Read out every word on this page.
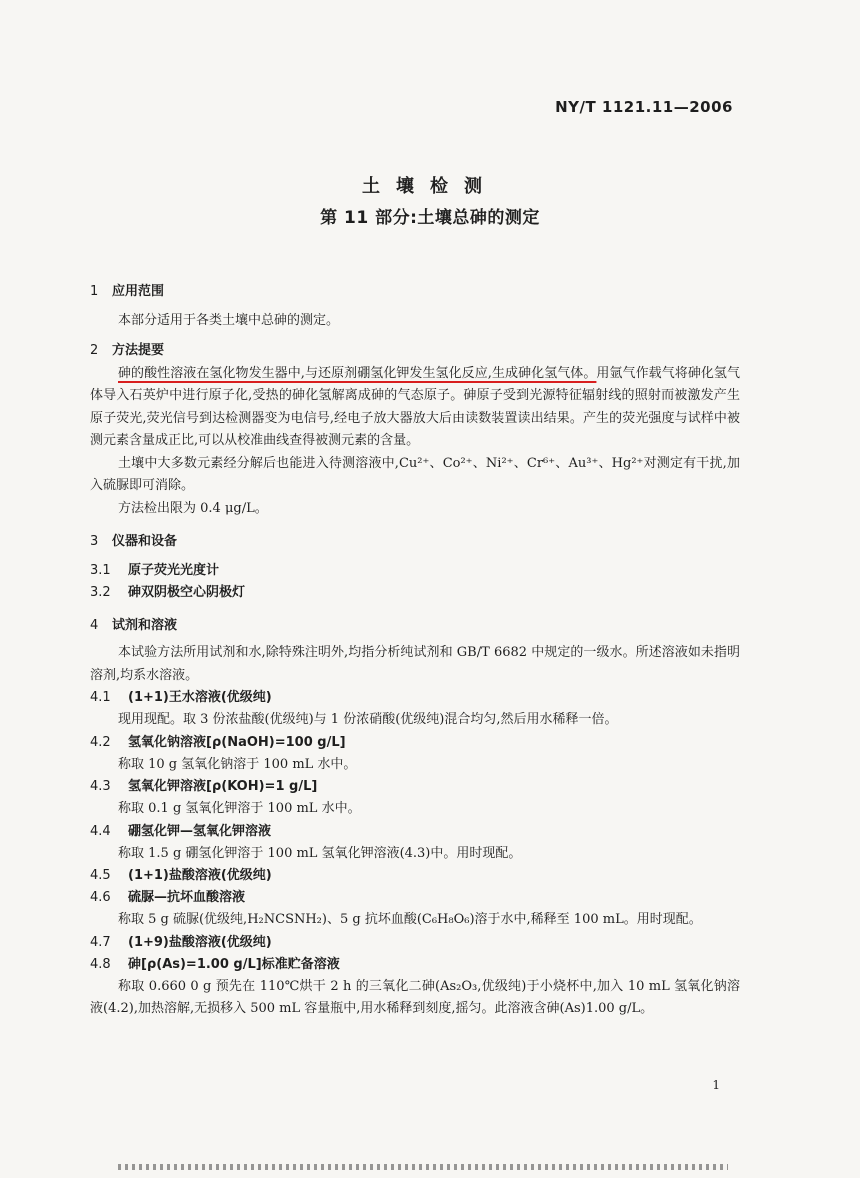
NY/T 1121.11—2006
土壤检测
第 11 部分:土壤总砷的测定
1 应用范围

本部分适用于各类土壤中总砷的测定。

2 方法提要

砷的酸性溶液在氢化物发生器中,与还原剂硼氢化钾发生氢化反应,生成砷化氢气体。用氩气作载气将砷化氢气体导入石英炉中进行原子化,受热的砷化氢解离成砷的气态原子。砷原子受到光源特征辐射线的照射而被激发产生原子荧光,荧光信号到达检测器变为电信号,经电子放大器放大后由读数装置读出结果。产生的荧光强度与试样中被测元素含量成正比,可以从校准曲线查得被测元素的含量。

土壤中大多数元素经分解后也能进入待测溶液中,Cu²⁺、Co²⁺、Ni²⁺、Cr⁶⁺、Au³⁺、Hg²⁺对测定有干扰,加入硫脲即可消除。

方法检出限为 0.4 μg/L。

3 仪器和设备
3.1 原子荧光光度计
3.2 砷双阴极空心阴极灯
4 试剂和溶液

本试验方法所用试剂和水,除特殊注明外,均指分析纯试剂和 GB/T 6682 中规定的一级水。所述溶液如未指明溶剂,均系水溶液。

4.1 (1+1)王水溶液(优级纯)

现用现配。取 3 份浓盐酸(优级纯)与 1 份浓硝酸(优级纯)混合均匀,然后用水稀释一倍。

4.2 氢氧化钠溶液[ρ(NaOH)=100 g/L]

称取 10 g 氢氧化钠溶于 100 mL 水中。

4.3 氢氧化钾溶液[ρ(KOH)=1 g/L]

称取 0.1 g 氢氧化钾溶于 100 mL 水中。

4.4 硼氢化钾—氢氧化钾溶液

称取 1.5 g 硼氢化钾溶于 100 mL 氢氧化钾溶液(4.3)中。用时现配。

4.5 (1+1)盐酸溶液(优级纯)
4.6 硫脲—抗坏血酸溶液

称取 5 g 硫脲(优级纯,H₂NCSNH₂)、5 g 抗坏血酸(C₆H₈O₆)溶于水中,稀释至 100 mL。用时现配。

4.7 (1+9)盐酸溶液(优级纯)
4.8 砷[ρ(As)=1.00 g/L]标准贮备溶液

称取 0.660 0 g 预先在 110℃烘干 2 h 的三氧化二砷(As₂O₃,优级纯)于小烧杯中,加入 10 mL 氢氧化钠溶液(4.2),加热溶解,无损移入 500 mL 容量瓶中,用水稀释到刻度,摇匀。此溶液含砷(As)1.00 g/L。

1
